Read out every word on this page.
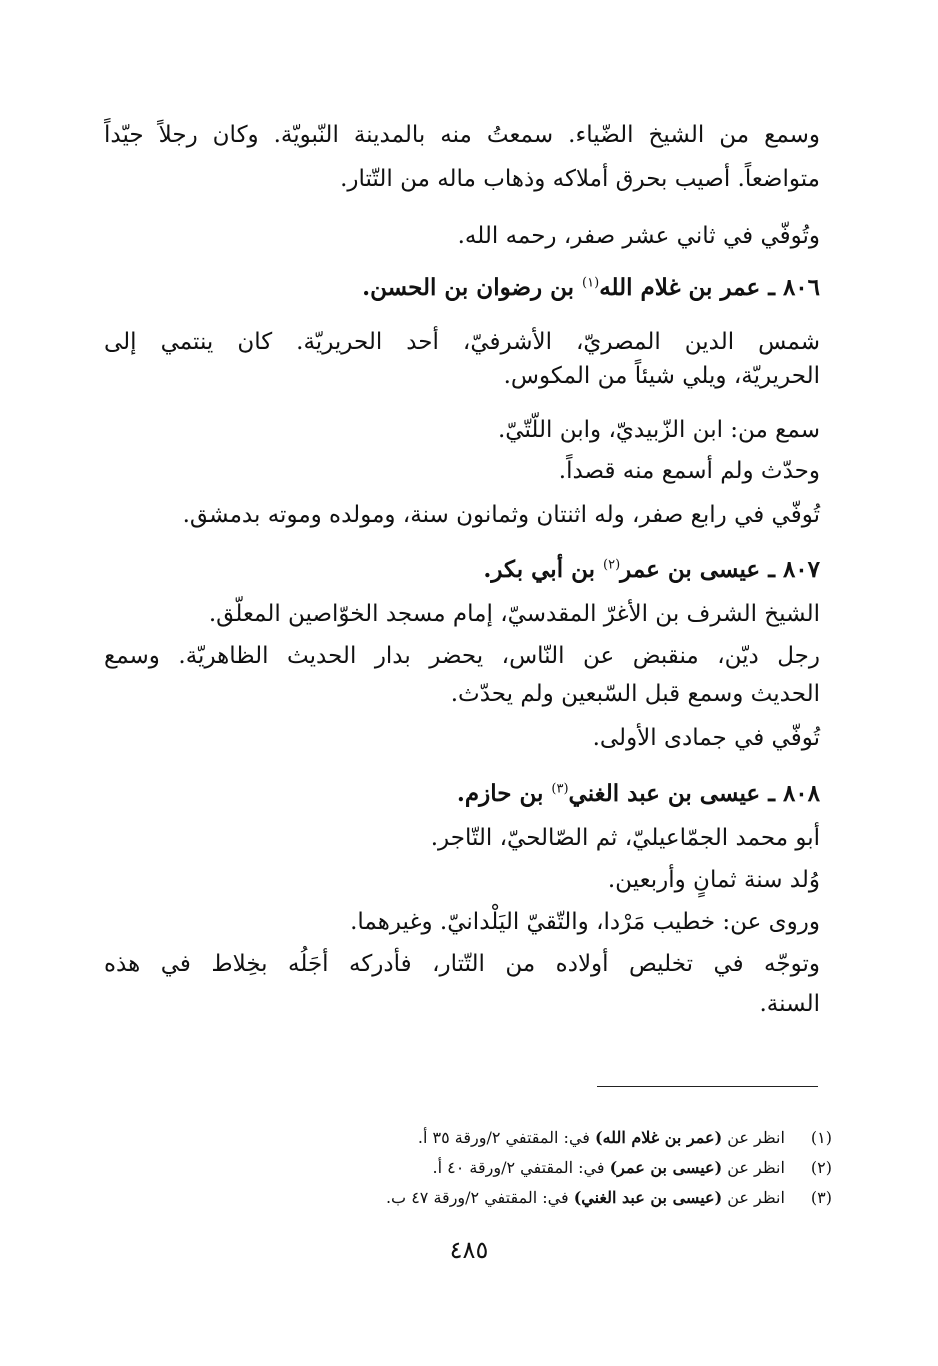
وسمع من الشيخ الضّياء. سمعتُ منه بالمدينة النّبويّة. وكان رجلاً جيّداً

متواضعاً. أصيب بحرق أملاكه وذهاب ماله من التّتار.

وتُوفّي في ثاني عشر صفر، رحمه الله.

٨٠٦ ـ عمر بن غلام الله$^{(١)}$ بن رضوان بن الحسن.

شمس الدين المصريّ، الأشرفيّ، أحد الحريريّة. كان ينتمي إلى

الحريريّة، ويلي شيئاً من المكوس.

سمع من: ابن الزّبيديّ، وابن اللّتّيّ.

وحدّث ولم أسمع منه قصداً.

تُوفّي في رابع صفر، وله اثنتان وثمانون سنة، ومولده وموته بدمشق.

٨٠٧ ـ عيسى بن عمر$^{(٢)}$ بن أبي بكر.

الشيخ الشرف بن الأغرّ المقدسيّ، إمام مسجد الخوّاصين المعلّق.

رجل ديّن، منقبض عن النّاس، يحضر بدار الحديث الظاهريّة. وسمع

الحديث وسمع قبل السّبعين ولم يحدّث.

تُوفّي في جمادى الأولى.

٨٠٨ ـ عيسى بن عبد الغني$^{(٣)}$ بن حازم.

أبو محمد الجمّاعيليّ، ثم الصّالحيّ، التّاجر.

وُلد سنة ثمانٍ وأربعين.

وروى عن: خطيب مَرْدا، والتّقيّ اليَلْدانيّ. وغيرهما.

وتوجّه في تخليص أولاده من التّتار، فأدركه أجَلُه بخِلاط في هذه

السنة.

(١) انظر عن (عمر بن غلام الله) في: المقتفي ٢/ورقة ٣٥ أ.

(٢) انظر عن (عيسى بن عمر) في: المقتفي ٢/ورقة ٤٠ أ.

(٣) انظر عن (عيسى بن عبد الغني) في: المقتفي ٢/ورقة ٤٧ ب.

٤٨٥
